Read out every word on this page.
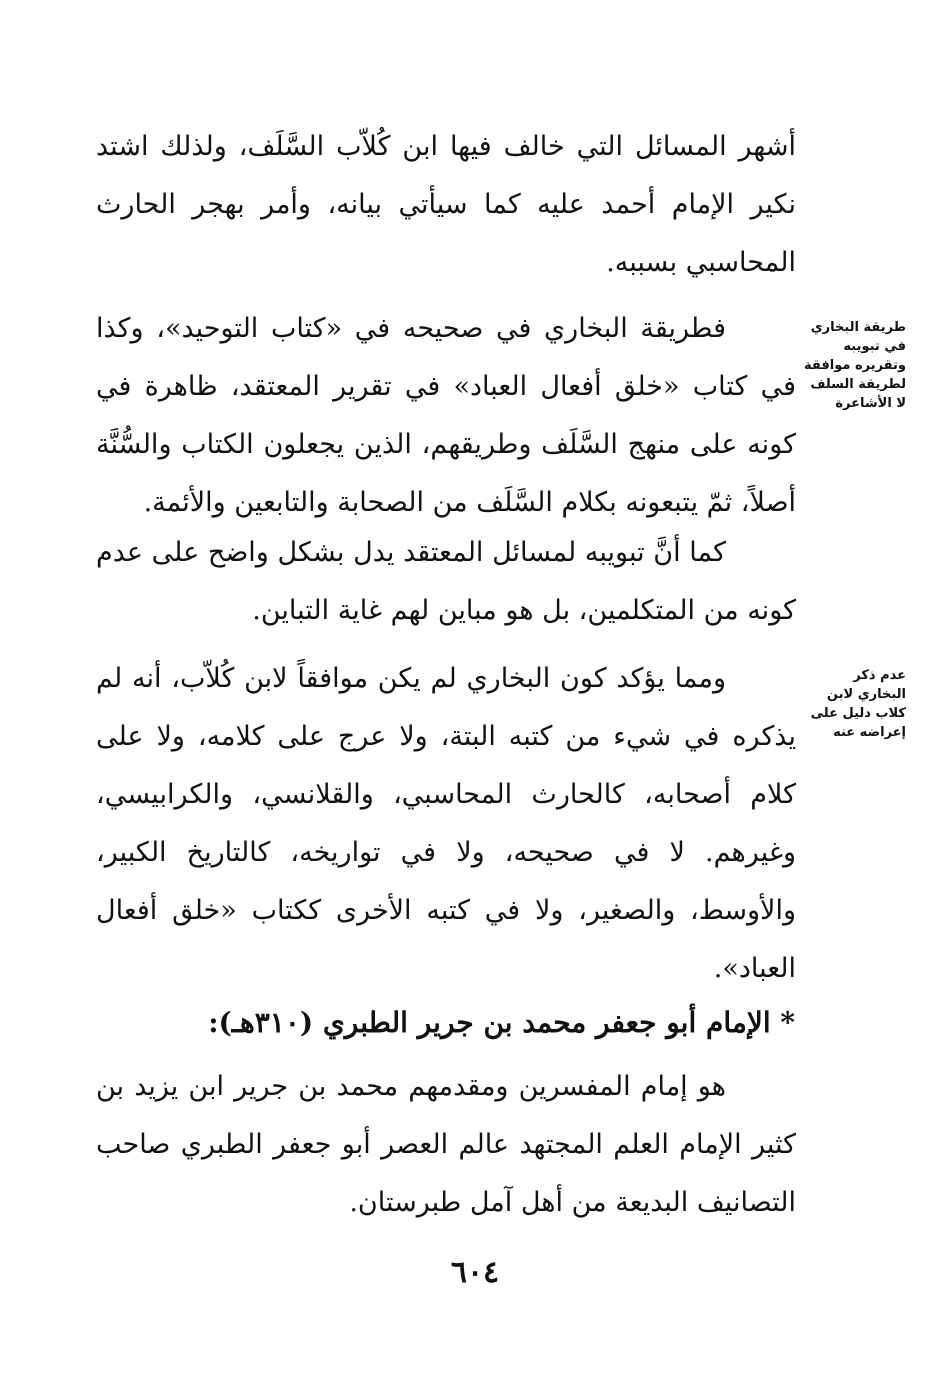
أشهر المسائل التي خالف فيها ابن كُلاّب السَّلَف، ولذلك اشتد نكير الإمام أحمد عليه كما سيأتي بيانه، وأمر بهجر الحارث المحاسبي بسببه.
طريقة البخاري في تبويبه وتقريره موافقة لطريقة السلف لا الأشاعرة
فطريقة البخاري في صحيحه في «كتاب التوحيد»، وكذا في كتاب «خلق أفعال العباد» في تقرير المعتقد، ظاهرة في كونه على منهج السَّلَف وطريقهم، الذين يجعلون الكتاب والسُّنَّة أصلاً، ثمّ يتبعونه بكلام السَّلَف من الصحابة والتابعين والأئمة.
كما أنَّ تبويبه لمسائل المعتقد يدل بشكل واضح على عدم كونه من المتكلمين، بل هو مباين لهم غاية التباين.
عدم ذكر البخاري لابن كلاب دليل على إعراضه عنه
ومما يؤكد كون البخاري لم يكن موافقاً لابن كُلاّب، أنه لم يذكره في شيء من كتبه البتة، ولا عرج على كلامه، ولا على كلام أصحابه، كالحارث المحاسبي، والقلانسي، والكرابيسي، وغيرهم. لا في صحيحه، ولا في تواريخه، كالتاريخ الكبير، والأوسط، والصغير، ولا في كتبه الأخرى ككتاب «خلق أفعال العباد».
* الإمام أبو جعفر محمد بن جرير الطبري (٣١٠هـ):
هو إمام المفسرين ومقدمهم محمد بن جرير ابن يزيد بن كثير الإمام العلم المجتهد عالم العصر أبو جعفر الطبري صاحب التصانيف البديعة من أهل آمل طبرستان.
٦٠٤
